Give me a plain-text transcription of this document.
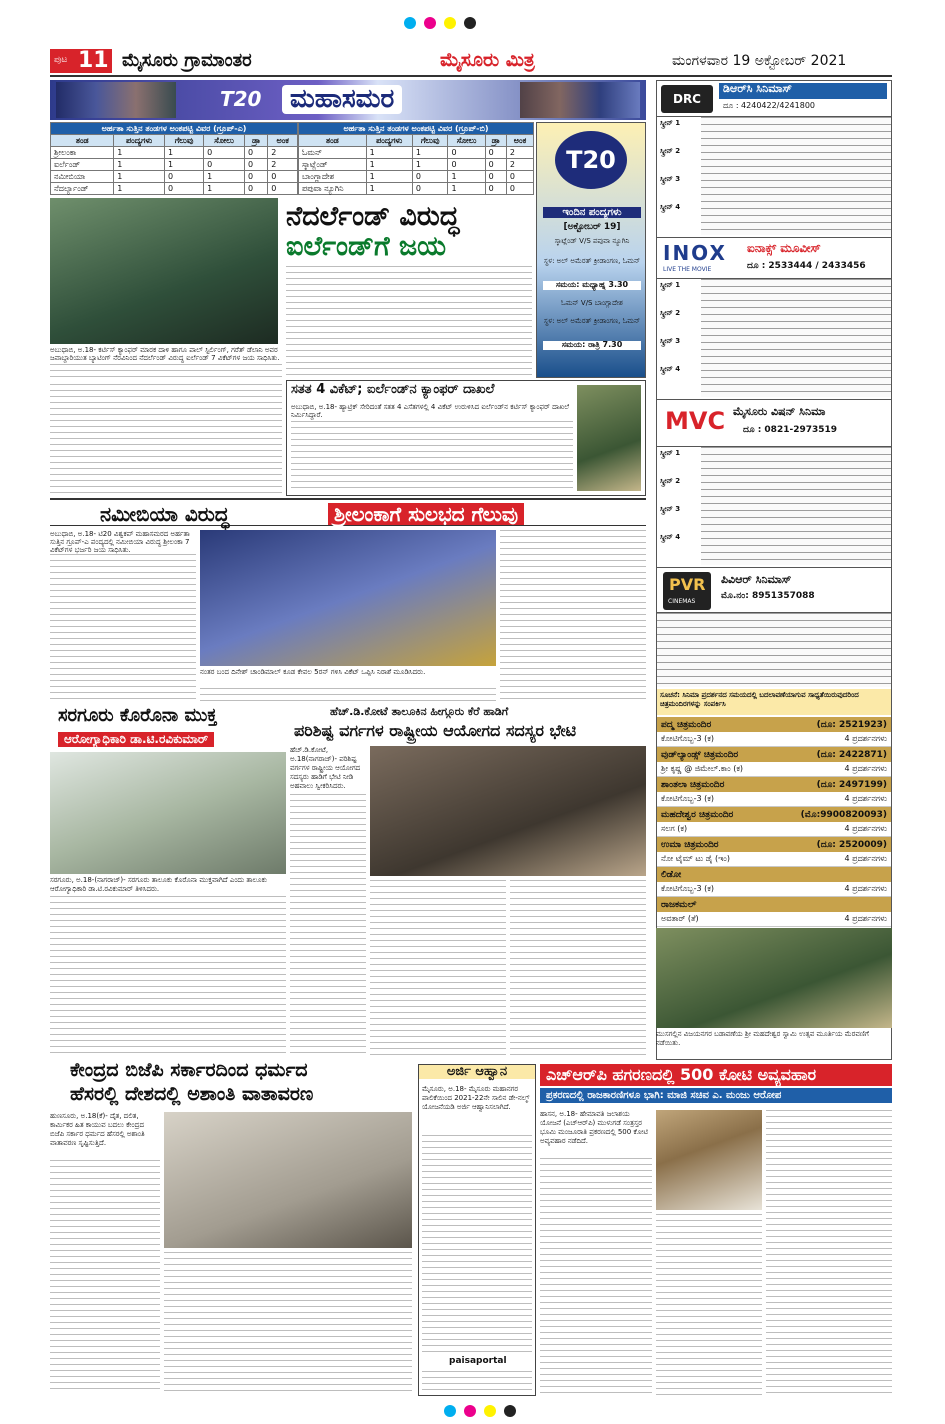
ಪುಟ 11 ಮೈಸೂರು ಗ್ರಾಮಾಂತರ	ಮೈಸೂರು ಮಿತ್ರ	ಮಂಗಳವಾರ 19 ಅಕ್ಟೋಬರ್ 2021
T20	ಮಹಾಸಮರ
ಅರ್ಹತಾ ಸುತ್ತಿನ ತಂಡಗಳ ಅಂಕಪಟ್ಟಿ ವಿವರ (ಗ್ರೂಪ್-ಎ)					
ತಂಡ	ಪಂದ್ಯಗಳು	ಗೆಲುವು	ಸೋಲು	ಡ್ರಾ	ಅಂಕ
ಶ್ರೀಲಂಕಾ	1	1	0	0	2
ಐರ್ಲೆಂಡ್	1	1	0	0	2
ನಮೀಬಿಯಾ	1	0	1	0	0
ನೆದರ್ಲ್ಯಾಂಡ್	1	0	1	0	0
ಅರ್ಹತಾ ಸುತ್ತಿನ ತಂಡಗಳ ಅಂಕಪಟ್ಟಿ ವಿವರ (ಗ್ರೂಪ್-ಬಿ)					
ತಂಡ	ಪಂದ್ಯಗಳು	ಗೆಲುವು	ಸೋಲು	ಡ್ರಾ	ಅಂಕ
ಓಮನ್	1	1	0	0	2
ಸ್ಕಾಟ್ಲೆಂಡ್	1	1	0	0	2
ಬಾಂಗ್ಲಾದೇಶ	1	0	1	0	0
ಪಪುವಾ ನ್ಯೂಗಿನಿ	1	0	1	0	0
T20
ಇಂದಿನ ಪಂದ್ಯಗಳು
[ಅಕ್ಟೋಬರ್ 19]
ಸ್ಕಾಟ್ಲೆಂಡ್ V/S ಪಪುವಾ ನ್ಯೂಗಿನಿ
ಸ್ಥಳ: ಅಲ್ ಅಮೆರತ್ ಕ್ರೀಡಾಂಗಣ, ಓಮನ್
ಸಮಯ: ಮಧ್ಯಾಹ್ನ 3.30
ಓಮನ್ V/S ಬಾಂಗ್ಲಾದೇಶ
ಸ್ಥಳ: ಅಲ್ ಅಮೆರತ್ ಕ್ರೀಡಾಂಗಣ, ಓಮನ್
ಸಮಯ: ರಾತ್ರಿ 7.30
ನೆದರ್ಲೆಂಡ್ ವಿರುದ್ಧ
ಐರ್ಲೆಂಡ್‌ಗೆ ಜಯ
ಅಬುಧಾಬಿ, ಅ.18- ಕರ್ಟಿಸ್ ಕ್ಯಾಂಫರ್ ಮಾರಕ ದಾಳಿ ಹಾಗೂ ಪಾಲ್ ಸ್ಟಿರ್ಲಿಂಗ್, ಗರೆತ್ ಡೆಲಾನಿ ಅವರ ಜವಾಬ್ದಾರಿಯುತ ಬ್ಯಾಟಿಂಗ್ ನೆರವಿನಿಂದ ನೆದರ್ಲೆಂಡ್ ವಿರುದ್ಧ ಐರ್ಲೆಂಡ್ 7 ವಿಕೆಟ್‌ಗಳ ಜಯ ಸಾಧಿಸಿತು.
ಸತತ 4 ವಿಕೆಟ್; ಐರ್ಲೆಂಡ್‌ನ ಕ್ಯಾಂಫರ್ ದಾಖಲೆ
ಅಬುಧಾಬಿ, ಅ.18- ಹ್ಯಾಟ್ರಿಕ್ ಸೇರಿದಂತೆ ಸತತ 4 ಎಸೆತಗಳಲ್ಲಿ 4 ವಿಕೆಟ್ ಉರುಳಿಸಿದ ಐರ್ಲೆಂಡ್‌ನ ಕರ್ಟಿಸ್ ಕ್ಯಾಂಫರ್ ದಾಖಲೆ ನಿರ್ಮಿಸಿದ್ದಾರೆ.
ನಮೀಬಿಯಾ ವಿರುದ್ಧ	ಶ್ರೀಲಂಕಾಗೆ ಸುಲಭದ ಗೆಲುವು
ಅಬುಧಾಬಿ, ಅ.18- ಟಿ20 ವಿಶ್ವಕಪ್ ಮಹಾಸಮರದ ಅರ್ಹತಾ ಸುತ್ತಿನ ಗ್ರೂಪ್-ಎ ಪಂದ್ಯದಲ್ಲಿ ನಮೀಬಿಯಾ ವಿರುದ್ಧ ಶ್ರೀಲಂಕಾ 7 ವಿಕೆಟ್‌ಗಳ ಭರ್ಜರಿ ಜಯ ಸಾಧಿಸಿತು.
ನಂತರ ಬಂದ ದಿನೇಶ್ ಚಾಂಡಿಮಾಲ್ ಕೂಡ ಕೇವಲ 5ರನ್ ಗಳಿಸಿ ವಿಕೆಟ್ ಒಪ್ಪಿಸಿ ನಿರಾಶೆ ಮೂಡಿಸಿದರು.
ಸರಗೂರು ಕೊರೊನಾ ಮುಕ್ತ
ಆರೋಗ್ಯಾಧಿಕಾರಿ ಡಾ.ಟಿ.ರವಿಕುಮಾರ್
ಸರಗೂರು, ಅ.18-(ನಾಗರಾಜ್)- ಸರಗೂರು ತಾಲೂಕು ಕೊರೊನಾ ಮುಕ್ತವಾಗಿದೆ ಎಂದು ತಾಲೂಕು ಆರೋಗ್ಯಾಧಿಕಾರಿ ಡಾ.ಟಿ.ರವಿಕುಮಾರ್ ತಿಳಿಸಿದರು.
ಹೆಚ್.ಡಿ.ಕೋಟೆ ತಾಲೂಕಿನ ಹೀಗ್ಗೂರು ಕೆರೆ ಹಾಡಿಗೆ
ಪರಿಶಿಷ್ಟ ವರ್ಗಗಳ ರಾಷ್ಟ್ರೀಯ ಆಯೋಗದ ಸದಸ್ಯರ ಭೇಟಿ
ಹೆಚ್.ಡಿ.ಕೋಟೆ, ಅ.18(ನಾಗರಾಜ್)- ಪರಿಶಿಷ್ಟ ವರ್ಗಗಳ ರಾಷ್ಟ್ರೀಯ ಆಯೋಗದ ಸದಸ್ಯರು ಹಾಡಿಗೆ ಭೇಟಿ ನೀಡಿ ಅಹವಾಲು ಸ್ವೀಕರಿಸಿದರು.
ಕೇಂದ್ರದ ಬಿಜೆಪಿ ಸರ್ಕಾರದಿಂದ ಧರ್ಮದ
ಹೆಸರಲ್ಲಿ ದೇಶದಲ್ಲಿ ಅಶಾಂತಿ ವಾತಾವರಣ
ಹುಣಸೂರು, ಅ.18(ಕೆ)- ದೈತ, ದಲಿತ, ಕಾರ್ಮಿಕರ ಹಿತ ಕಾಯುವ ಬದಲು ಕೇಂದ್ರದ ಬಿಜೆಪಿ ಸರ್ಕಾರ ಧರ್ಮದ ಹೆಸರಲ್ಲಿ ಅಶಾಂತಿ ವಾತಾವರಣ ಸೃಷ್ಟಿಸುತ್ತಿದೆ.
ಅರ್ಜಿ ಆಹ್ವಾನ
ಮೈಸೂರು, ಅ.18- ಮೈಸೂರು ಮಹಾನಗರ ಪಾಲಿಕೆಯಿಂದ 2021-22ನೇ ಸಾಲಿನ ಡೇ-ನಲ್ಮ್ ಯೋಜನೆಯಡಿ ಅರ್ಜಿ ಆಹ್ವಾನಿಸಲಾಗಿದೆ.
paisaportal
ಎಚ್‌ಆರ್‌ಪಿ ಹಗರಣದಲ್ಲಿ 500 ಕೋಟಿ ಅವ್ಯವಹಾರ
ಪ್ರಕರಣದಲ್ಲಿ ರಾಜಕಾರಣಿಗಳೂ ಭಾಗಿ: ಮಾಜಿ ಸಚಿವ ಎ. ಮಂಜು ಆರೋಪ
ಹಾಸನ, ಅ.18- ಹೇಮಾವತಿ ಜಲಾಶಯ ಯೋಜನೆ (ಎಚ್‌ಆರ್‌ಪಿ) ಮುಳುಗಡೆ ಸಂತ್ರಸ್ತರ ಭೂಮಿ ಮಂಜೂರಾತಿ ಪ್ರಕರಣದಲ್ಲಿ 500 ಕೋಟಿ ಅವ್ಯವಹಾರ ನಡೆದಿದೆ.
DRC
ಡಿಆರ್‌ಸಿ ಸಿನಿಮಾಸ್
ದೂ : 4240422/4241800
ಸ್ಕ್ರೀನ್ 1
ಸ್ಕ್ರೀನ್ 2
ಸ್ಕ್ರೀನ್ 3
ಸ್ಕ್ರೀನ್ 4
INOX
LIVE THE MOVIE
ಐನಾಕ್ಸ್ ಮೂವೀಸ್
ದೂ : 2533444 / 2433456
ಸ್ಕ್ರೀನ್ 1
ಸ್ಕ್ರೀನ್ 2
ಸ್ಕ್ರೀನ್ 3
ಸ್ಕ್ರೀನ್ 4
MVC ಮೈಸೂರು ವಿಷನ್ ಸಿನಿಮಾ
ದೂ : 0821-2973519
ಸ್ಕ್ರೀನ್ 1
ಸ್ಕ್ರೀನ್ 2
ಸ್ಕ್ರೀನ್ 3
ಸ್ಕ್ರೀನ್ 4
PVR
CINEMAS
ಪಿವಿಆರ್ ಸಿನಿಮಾಸ್
ಮೊ.ನಂ: 8951357088
ಸೂಚನೆ: ಸಿನಿಮಾ ಪ್ರದರ್ಶನದ ಸಮಯದಲ್ಲಿ ಬದಲಾವಣೆಯಾಗುವ ಸಾಧ್ಯತೆಯಿರುವುದರಿಂದ ಚಿತ್ರಮಂದಿರಗಳನ್ನು ಸಂಪರ್ಕಿಸಿ
ಪದ್ಮ ಚಿತ್ರಮಂದಿರ	(ದೂ: 2521923)
ಕೋಟಿಗೊಬ್ಬ-3 (ಕ)	4 ಪ್ರದರ್ಶನಗಳು
ವುಡ್‌ಲ್ಯಾಂಡ್ಸ್ ಚಿತ್ರಮಂದಿರ	(ದೂ: 2422871)
ಶ್ರೀ ಕೃಷ್ಣ @ ಜಿಮೇಲ್.ಕಾಂ (ಕ)	4 ಪ್ರದರ್ಶನಗಳು
ಶಾಂತಲಾ ಚಿತ್ರಮಂದಿರ	(ದೂ: 2497199)
ಕೋಟಿಗೊಬ್ಬ-3 (ಕ)	4 ಪ್ರದರ್ಶನಗಳು
ಮಹದೇಶ್ವರ ಚಿತ್ರಮಂದಿರ	(ಮೊ:9900820093)
ಸಲಗ (ಕ)	4 ಪ್ರದರ್ಶನಗಳು
ಉಮಾ ಚಿತ್ರಮಂದಿರ	(ದೂ: 2520009)
ನೋ ಟೈಮ್ ಟು ಡೈ (ಇಂ)	4 ಪ್ರದರ್ಶನಗಳು
ಲಿಡೋ
ಕೋಟಿಗೊಬ್ಬ-3 (ಕ)	4 ಪ್ರದರ್ಶನಗಳು
ರಾಜಕಮಲ್
ಅವತಾರ್ (ತೆ)	4 ಪ್ರದರ್ಶನಗಳು
ಮುಸಗಲ್ಲಿನ ವಿಜಯನಗರ ಬಡಾವಣೆಯ ಶ್ರೀ ಮಹದೇಶ್ವರ ಸ್ವಾಮಿ ಉತ್ಸವ ಮೂರ್ತಿಯ ಮೆರವಣಿಗೆ ನಡೆಯಿತು.
